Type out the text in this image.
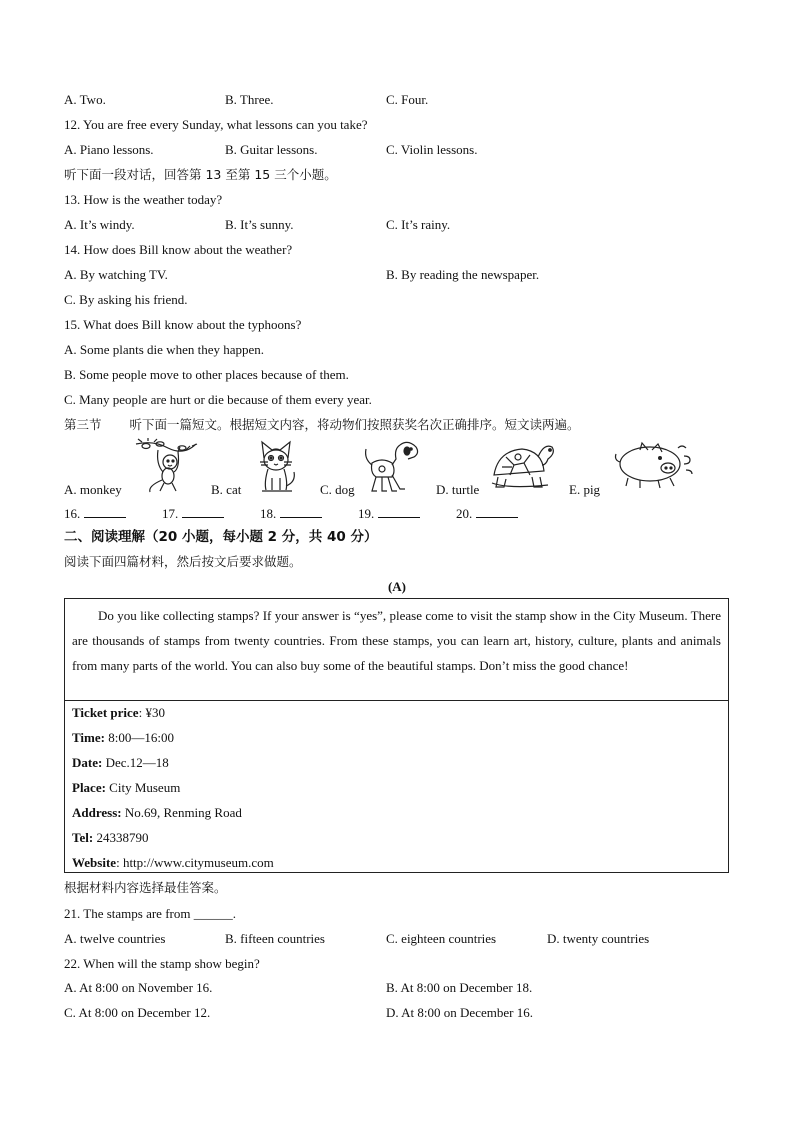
A. Two.	B. Three.	C. Four.
12. You are free every Sunday, what lessons can you take?
A. Piano lessons.	B. Guitar lessons.	C. Violin lessons.
听下面一段对话，回答第 13 至第 15 三个小题。
13. How is the weather today?
A. It’s windy.	B. It’s sunny.	C. It’s rainy.
14. How does Bill know about the weather?
A. By watching TV.	B. By reading the newspaper.
C. By asking his friend.
15. What does Bill know about the typhoons?
A. Some plants die when they happen.
B. Some people move to other places because of them.
C. Many people are hurt or die because of them every year.
第三节 听下面一篇短文。根据短文内容，将动物们按照获奖名次正确排序。短文读两遍。
A. monkey	B. cat	C. dog	D. turtle	E. pig
16.	17.	18.	19.	20.
二、阅读理解（20 小题，每小题 2 分，共 40 分）
阅读下面四篇材料，然后按文后要求做题。
(A)
Do you like collecting stamps? If your answer is “yes”, please come to visit the stamp show in the City Museum. There are thousands of stamps from twenty countries. From these stamps, you can learn art, history, culture, plants and animals from many parts of the world. You can also buy some of the beautiful stamps. Don’t miss the good chance!
Ticket price: ¥30
Time: 8:00—16:00
Date: Dec.12—18
Place: City Museum
Address: No.69, Renming Road
Tel: 24338790
Website: http://www.citymuseum.com
根据材料内容选择最佳答案。
21. The stamps are from ______.
A. twelve countries	B. fifteen countries	C. eighteen countries	D. twenty countries
22. When will the stamp show begin?
A. At 8:00 on November 16.	B. At 8:00 on December 18.
C. At 8:00 on December 12.	D. At 8:00 on December 16.
